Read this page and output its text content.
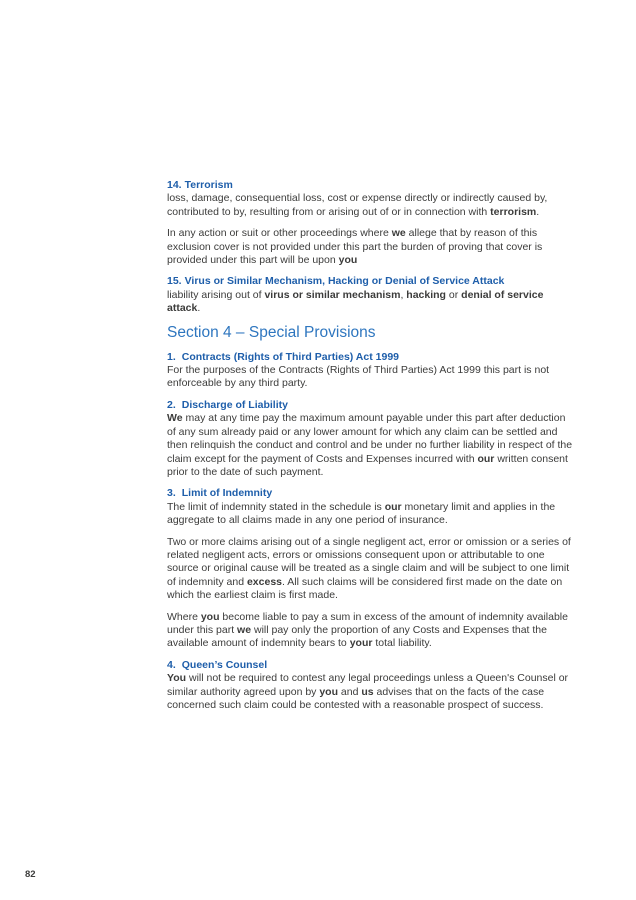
14. Terrorism

loss, damage, consequential loss, cost or expense directly or indirectly caused by, contributed to by, resulting from or arising out of or in connection with terrorism.

In any action or suit or other proceedings where we allege that by reason of this exclusion cover is not provided under this part the burden of proving that cover is provided under this part will be upon you

15. Virus or Similar Mechanism, Hacking or Denial of Service Attack

liability arising out of virus or similar mechanism, hacking or denial of service attack.

Section 4 – Special Provisions
1. Contracts (Rights of Third Parties) Act 1999

For the purposes of the Contracts (Rights of Third Parties) Act 1999 this part is not enforceable by any third party.

2. Discharge of Liability

We may at any time pay the maximum amount payable under this part after deduction of any sum already paid or any lower amount for which any claim can be settled and then relinquish the conduct and control and be under no further liability in respect of the claim except for the payment of Costs and Expenses incurred with our written consent prior to the date of such payment.

3. Limit of Indemnity

The limit of indemnity stated in the schedule is our monetary limit and applies in the aggregate to all claims made in any one period of insurance.

Two or more claims arising out of a single negligent act, error or omission or a series of related negligent acts, errors or omissions consequent upon or attributable to one source or original cause will be treated as a single claim and will be subject to one limit of indemnity and excess. All such claims will be considered first made on the date on which the earliest claim is first made.

Where you become liable to pay a sum in excess of the amount of indemnity available under this part we will pay only the proportion of any Costs and Expenses that the available amount of indemnity bears to your total liability.

4. Queen’s Counsel

You will not be required to contest any legal proceedings unless a Queen's Counsel or similar authority agreed upon by you and us advises that on the facts of the case concerned such claim could be contested with a reasonable prospect of success.

82
